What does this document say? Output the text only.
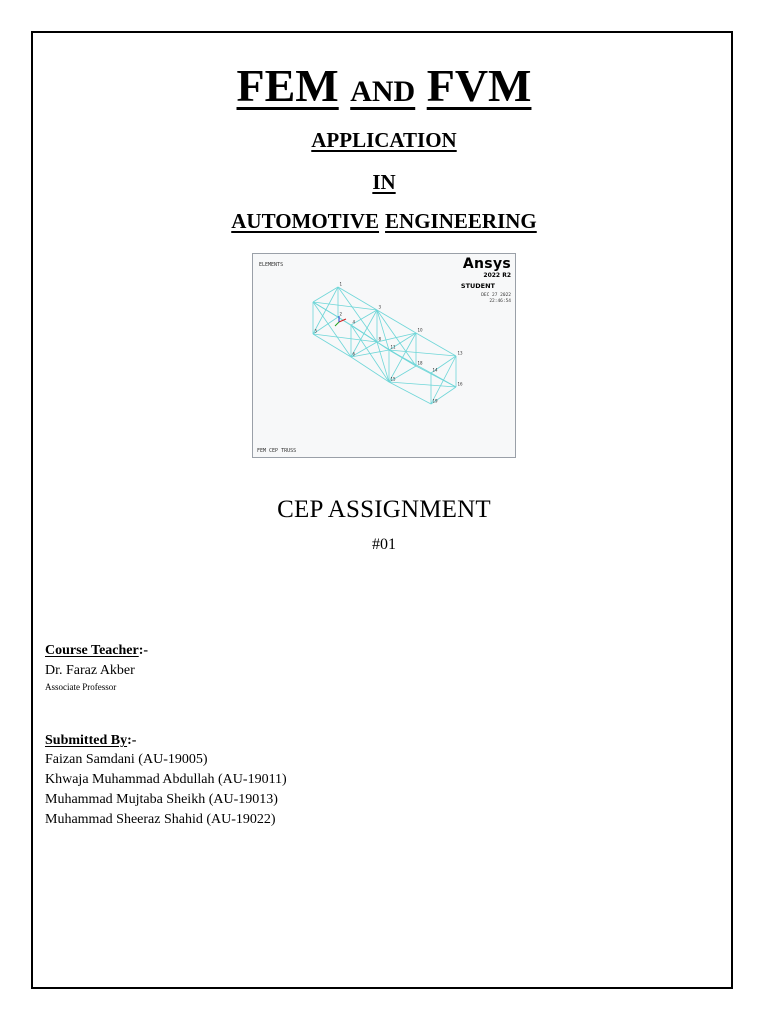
FEM AND FVM
APPLICATION
IN
AUTOMOTIVE ENGINEERING
1
2
3
4
5
8
6
10
11
13
14
15
16
18
19
ELEMENTS	Ansys
2022 R2
STUDENT
DEC 27 2022
22:46:54
FEM CEP TRUSS
CEP ASSIGNMENT
#01
Course Teacher:-
Dr. Faraz Akber
Associate Professor
Submitted By:-
Faizan Samdani (AU-19005)
Khwaja Muhammad Abdullah (AU-19011)
Muhammad Mujtaba Sheikh (AU-19013)
Muhammad Sheeraz Shahid (AU-19022)
